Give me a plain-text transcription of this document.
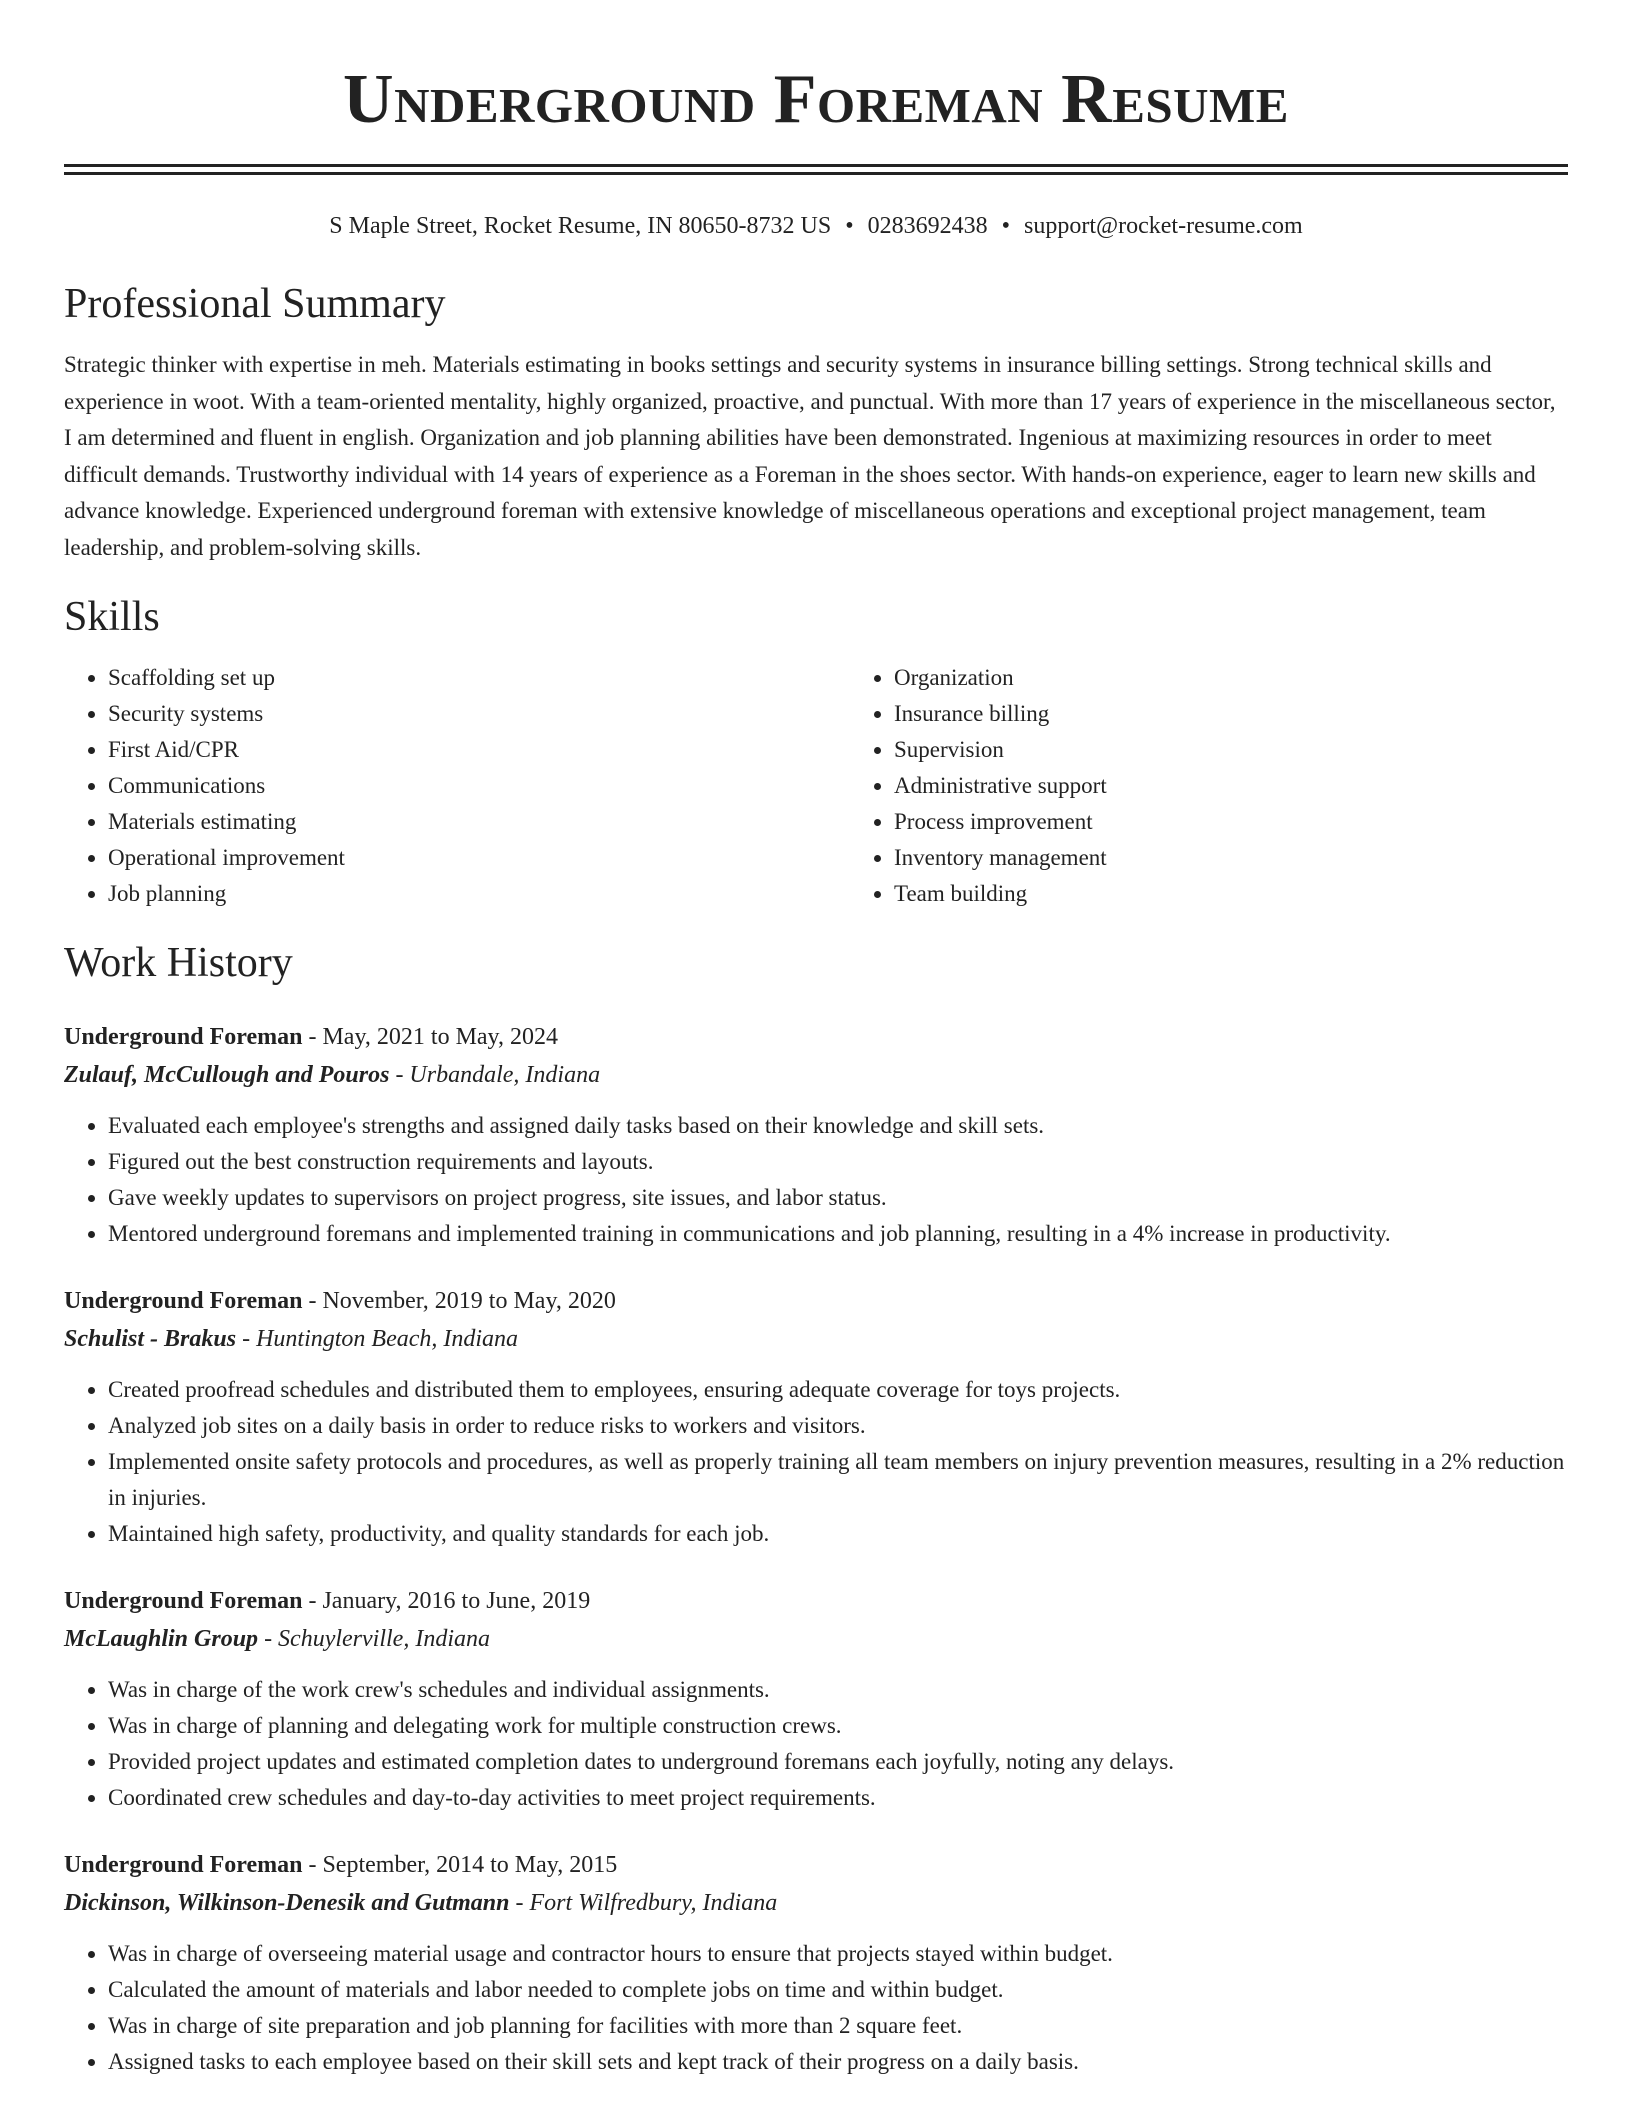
Underground Foreman Resume
S Maple Street, Rocket Resume, IN 80650-8732 US • 0283692438 • support@rocket-resume.com
Professional Summary

Strategic thinker with expertise in meh. Materials estimating in books settings and security systems in insurance billing settings. Strong technical skills and experience in woot. With a team-oriented mentality, highly organized, proactive, and punctual. With more than 17 years of experience in the miscellaneous sector, I am determined and fluent in english. Organization and job planning abilities have been demonstrated. Ingenious at maximizing resources in order to meet difficult demands. Trustworthy individual with 14 years of experience as a Foreman in the shoes sector. With hands-on experience, eager to learn new skills and advance knowledge. Experienced underground foreman with extensive knowledge of miscellaneous operations and exceptional project management, team leadership, and problem-solving skills.

Skills
• Scaffolding set up
• Security systems
• First Aid/CPR
• Communications
• Materials estimating
• Operational improvement
• Job planning
• Organization
• Insurance billing
• Supervision
• Administrative support
• Process improvement
• Inventory management
• Team building
Work History
Underground Foreman - May, 2021 to May, 2024
Zulauf, McCullough and Pouros - Urbandale, Indiana
• Evaluated each employee's strengths and assigned daily tasks based on their knowledge and skill sets.
• Figured out the best construction requirements and layouts.
• Gave weekly updates to supervisors on project progress, site issues, and labor status.
• Mentored underground foremans and implemented training in communications and job planning, resulting in a 4% increase in productivity.
Underground Foreman - November, 2019 to May, 2020
Schulist - Brakus - Huntington Beach, Indiana
• Created proofread schedules and distributed them to employees, ensuring adequate coverage for toys projects.
• Analyzed job sites on a daily basis in order to reduce risks to workers and visitors.
• Implemented onsite safety protocols and procedures, as well as properly training all team members on injury prevention measures, resulting in a 2% reduction in injuries.
• Maintained high safety, productivity, and quality standards for each job.
Underground Foreman - January, 2016 to June, 2019
McLaughlin Group - Schuylerville, Indiana
• Was in charge of the work crew's schedules and individual assignments.
• Was in charge of planning and delegating work for multiple construction crews.
• Provided project updates and estimated completion dates to underground foremans each joyfully, noting any delays.
• Coordinated crew schedules and day-to-day activities to meet project requirements.
Underground Foreman - September, 2014 to May, 2015
Dickinson, Wilkinson-Denesik and Gutmann - Fort Wilfredbury, Indiana
• Was in charge of overseeing material usage and contractor hours to ensure that projects stayed within budget.
• Calculated the amount of materials and labor needed to complete jobs on time and within budget.
• Was in charge of site preparation and job planning for facilities with more than 2 square feet.
• Assigned tasks to each employee based on their skill sets and kept track of their progress on a daily basis.
